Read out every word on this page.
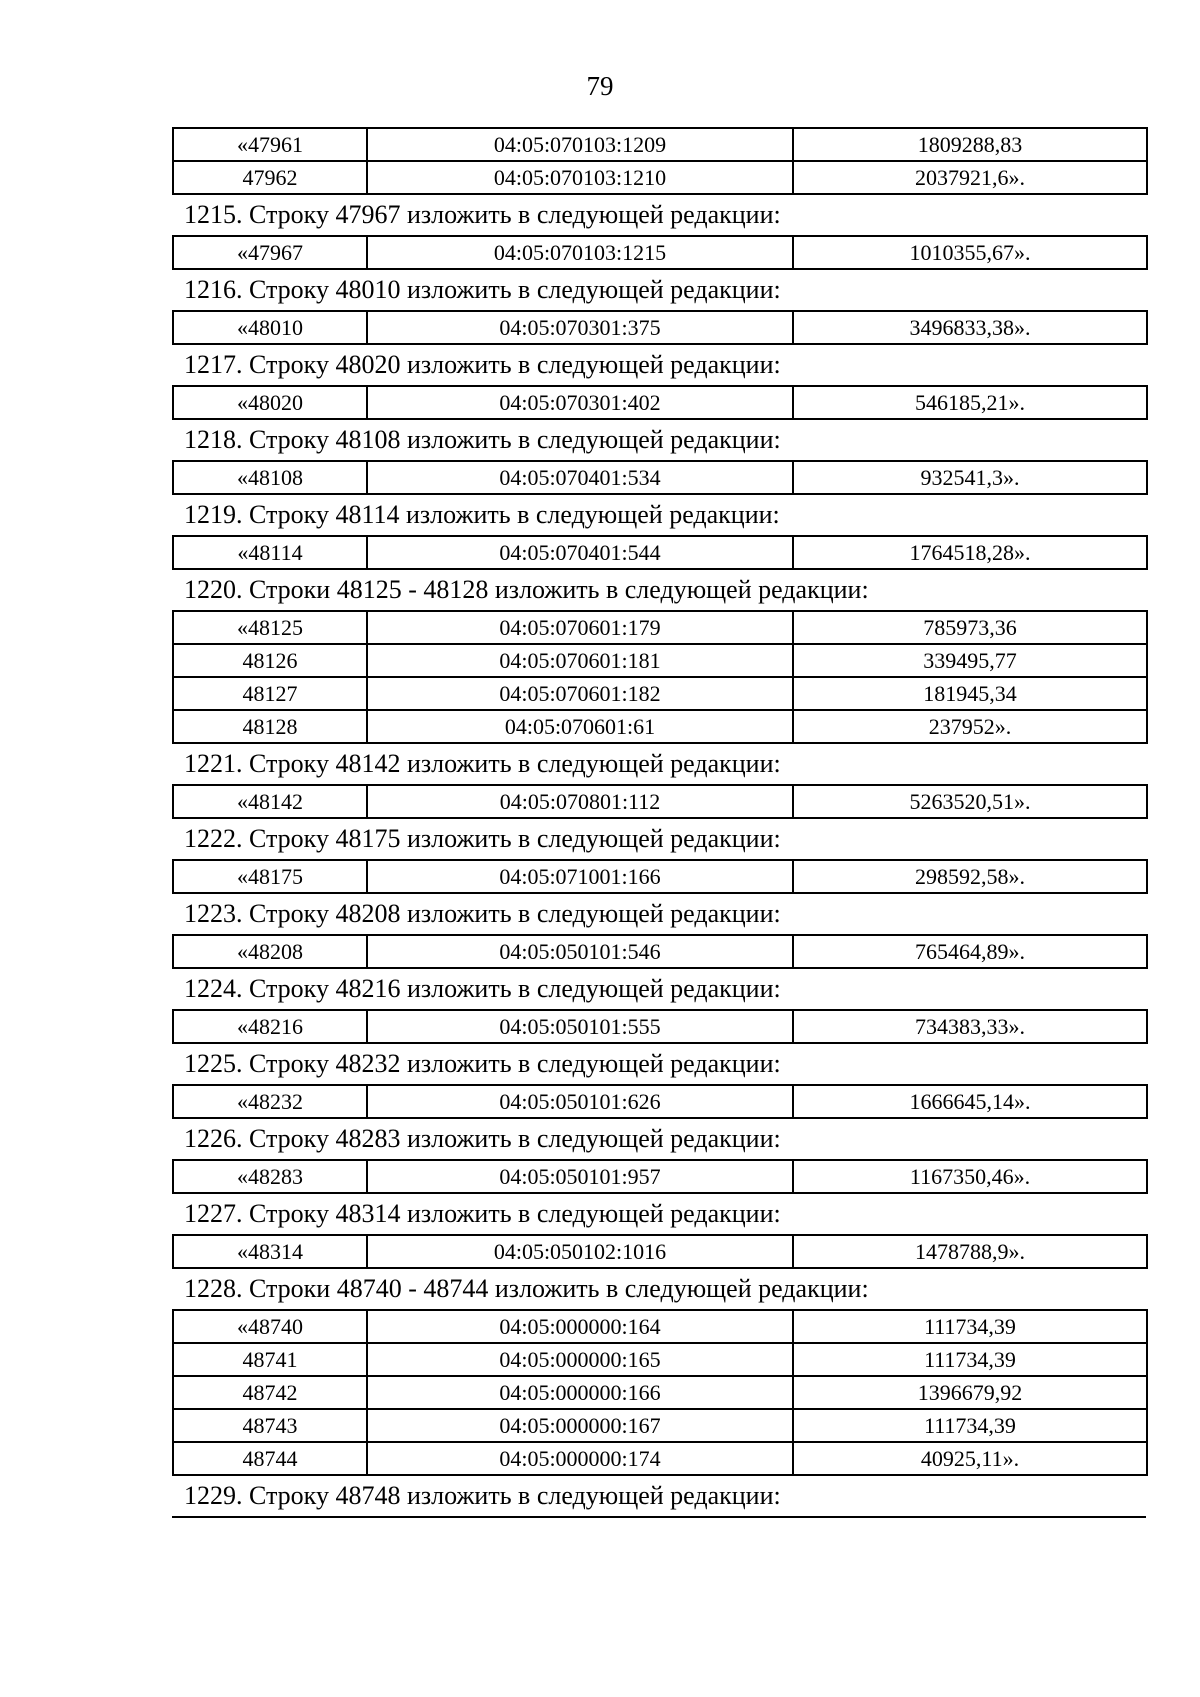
79
«47961	04:05:070103:1209	1809288,83
47962	04:05:070103:1210	2037921,6».
1215. Строку 47967 изложить в следующей редакции:
«47967	04:05:070103:1215	1010355,67».
1216. Строку 48010 изложить в следующей редакции:
«48010	04:05:070301:375	3496833,38».
1217. Строку 48020 изложить в следующей редакции:
«48020	04:05:070301:402	546185,21».
1218. Строку 48108 изложить в следующей редакции:
«48108	04:05:070401:534	932541,3».
1219. Строку 48114 изложить в следующей редакции:
«48114	04:05:070401:544	1764518,28».
1220. Строки 48125 - 48128 изложить в следующей редакции:
«48125	04:05:070601:179	785973,36
48126	04:05:070601:181	339495,77
48127	04:05:070601:182	181945,34
48128	04:05:070601:61	237952».
1221. Строку 48142 изложить в следующей редакции:
«48142	04:05:070801:112	5263520,51».
1222. Строку 48175 изложить в следующей редакции:
«48175	04:05:071001:166	298592,58».
1223. Строку 48208 изложить в следующей редакции:
«48208	04:05:050101:546	765464,89».
1224. Строку 48216 изложить в следующей редакции:
«48216	04:05:050101:555	734383,33».
1225. Строку 48232 изложить в следующей редакции:
«48232	04:05:050101:626	1666645,14».
1226. Строку 48283 изложить в следующей редакции:
«48283	04:05:050101:957	1167350,46».
1227. Строку 48314 изложить в следующей редакции:
«48314	04:05:050102:1016	1478788,9».
1228. Строки 48740 - 48744 изложить в следующей редакции:
«48740	04:05:000000:164	111734,39
48741	04:05:000000:165	111734,39
48742	04:05:000000:166	1396679,92
48743	04:05:000000:167	111734,39
48744	04:05:000000:174	40925,11».
1229. Строку 48748 изложить в следующей редакции:
